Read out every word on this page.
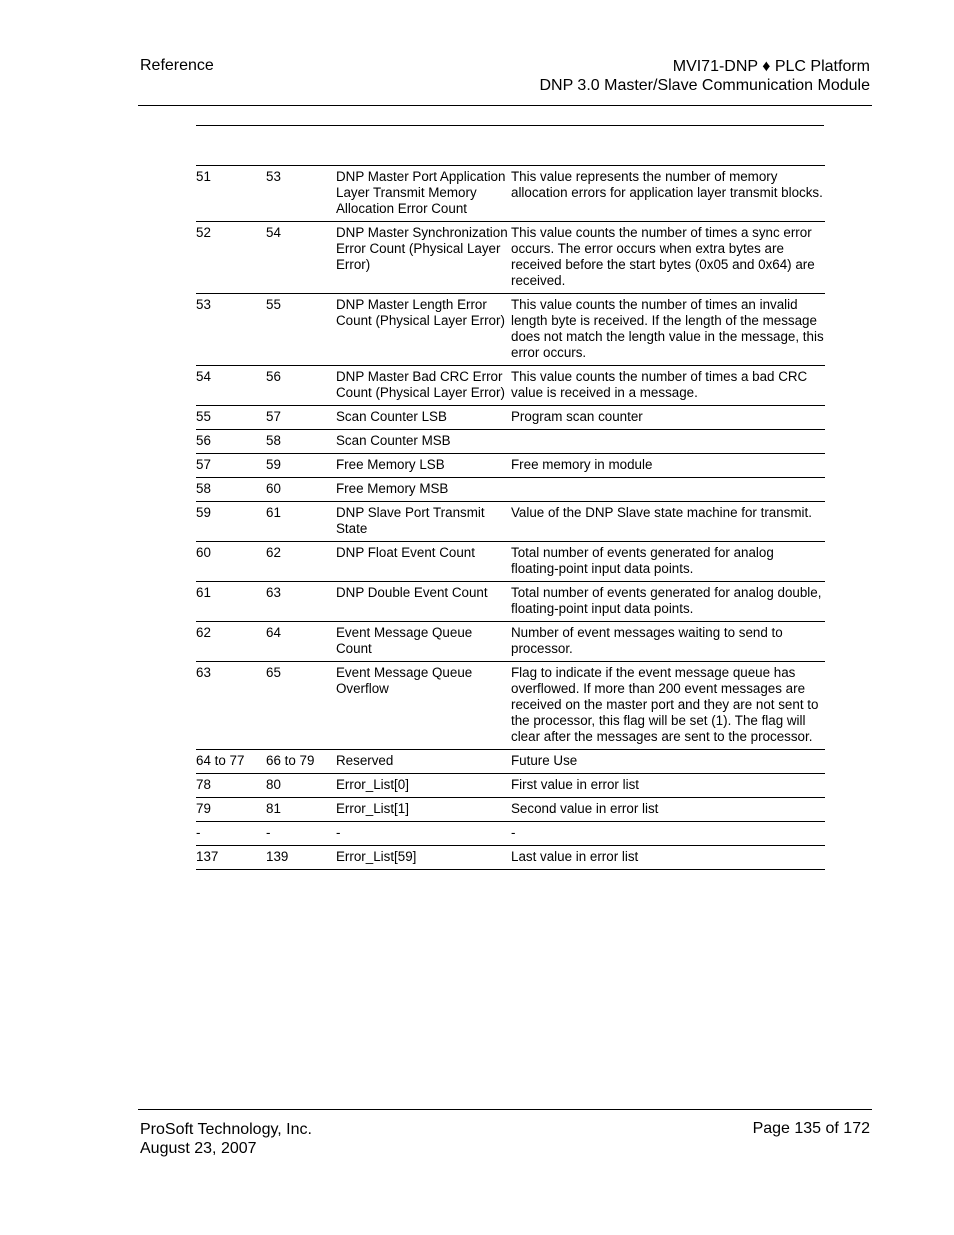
Reference	MVI71-DNP ♦ PLC Platform
DNP 3.0 Master/Slave Communication Module
51	53	DNP Master Port Application Layer Transmit Memory Allocation Error Count	This value represents the number of memory allocation errors for application layer transmit blocks.
52	54	DNP Master Synchronization Error Count (Physical Layer Error)	This value counts the number of times a sync error occurs. The error occurs when extra bytes are received before the start bytes (0x05 and 0x64) are received.
53	55	DNP Master Length Error Count (Physical Layer Error)	This value counts the number of times an invalid length byte is received. If the length of the message does not match the length value in the message, this error occurs.
54	56	DNP Master Bad CRC Error Count (Physical Layer Error)	This value counts the number of times a bad CRC value is received in a message.
55	57	Scan Counter LSB	Program scan counter
56	58	Scan Counter MSB	
57	59	Free Memory LSB	Free memory in module
58	60	Free Memory MSB	
59	61	DNP Slave Port Transmit State	Value of the DNP Slave state machine for transmit.
60	62	DNP Float Event Count	Total number of events generated for analog floating-point input data points.
61	63	DNP Double Event Count	Total number of events generated for analog double, floating-point input data points.
62	64	Event Message Queue Count	Number of event messages waiting to send to processor.
63	65	Event Message Queue Overflow	Flag to indicate if the event message queue has overflowed. If more than 200 event messages are received on the master port and they are not sent to the processor, this flag will be set (1). The flag will clear after the messages are sent to the processor.
64 to 77	66 to 79	Reserved	Future Use
78	80	Error_List[0]	First value in error list
79	81	Error_List[1]	Second value in error list
-	-	-	-
137	139	Error_List[59]	Last value in error list
ProSoft Technology, Inc.
August 23, 2007
Page 135 of 172
